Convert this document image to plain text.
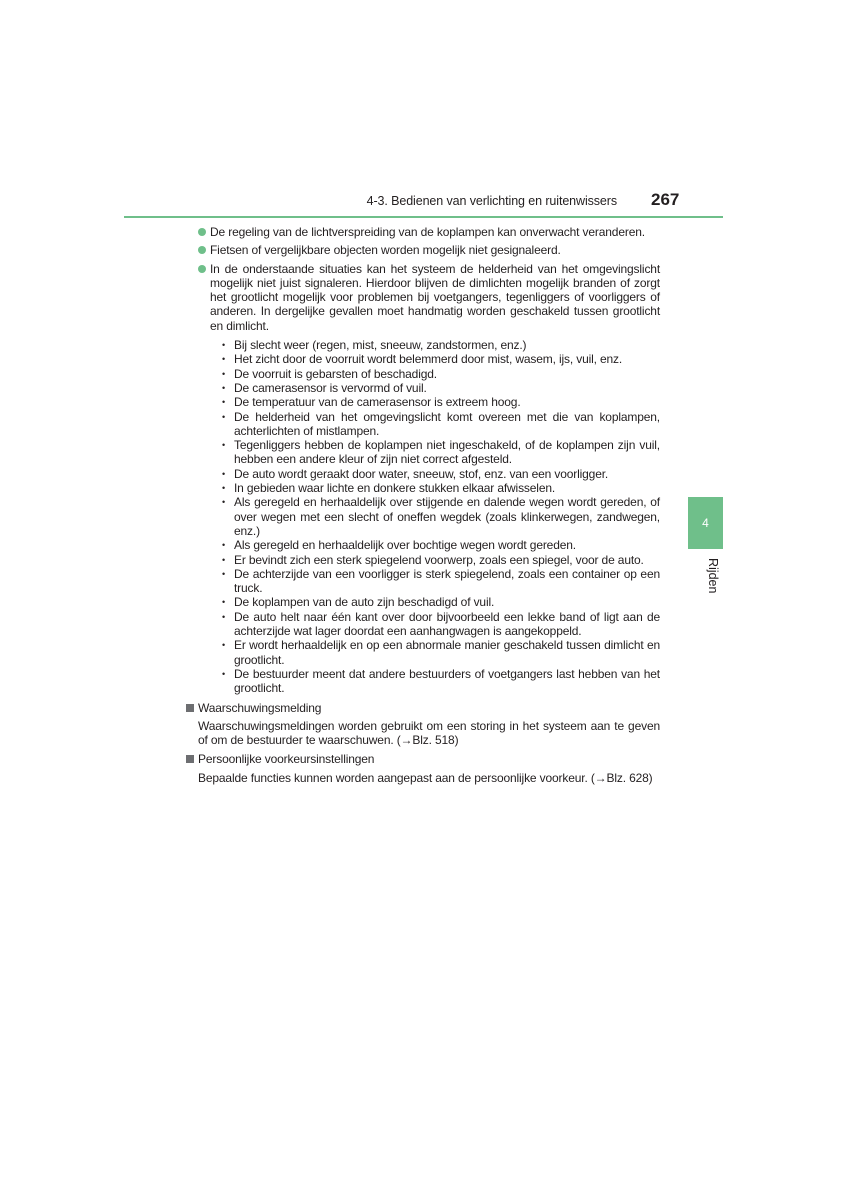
4-3. Bedienen van verlichting en ruitenwissers 267
4
Rijden
De regeling van de lichtverspreiding van de koplampen kan onverwacht veranderen.
Fietsen of vergelijkbare objecten worden mogelijk niet gesignaleerd.
In de onderstaande situaties kan het systeem de helderheid van het omgevingslicht mogelijk niet juist signaleren. Hierdoor blijven de dimlichten mogelijk branden of zorgt het grootlicht mogelijk voor problemen bij voetgangers, tegenliggers of voorliggers of anderen. In dergelijke gevallen moet handmatig worden geschakeld tussen grootlicht en dimlicht.

• Bij slecht weer (regen, mist, sneeuw, zandstormen, enz.)

• Het zicht door de voorruit wordt belemmerd door mist, wasem, ijs, vuil, enz.

• De voorruit is gebarsten of beschadigd.

• De camerasensor is vervormd of vuil.

• De temperatuur van de camerasensor is extreem hoog.

• De helderheid van het omgevingslicht komt overeen met die van koplampen, achterlichten of mistlampen.

• Tegenliggers hebben de koplampen niet ingeschakeld, of de koplampen zijn vuil, hebben een andere kleur of zijn niet correct afgesteld.

• De auto wordt geraakt door water, sneeuw, stof, enz. van een voorligger.

• In gebieden waar lichte en donkere stukken elkaar afwisselen.

• Als geregeld en herhaaldelijk over stijgende en dalende wegen wordt gereden, of over wegen met een slecht of oneffen wegdek (zoals klinkerwegen, zandwegen, enz.)

• Als geregeld en herhaaldelijk over bochtige wegen wordt gereden.

• Er bevindt zich een sterk spiegelend voorwerp, zoals een spiegel, voor de auto.

• De achterzijde van een voorligger is sterk spiegelend, zoals een container op een truck.

• De koplampen van de auto zijn beschadigd of vuil.

• De auto helt naar één kant over door bijvoorbeeld een lekke band of ligt aan de achterzijde wat lager doordat een aanhangwagen is aangekoppeld.

• Er wordt herhaaldelijk en op een abnormale manier geschakeld tussen dimlicht en grootlicht.

• De bestuurder meent dat andere bestuurders of voetgangers last hebben van het grootlicht.

Waarschuwingsmelding

Waarschuwingsmeldingen worden gebruikt om een storing in het systeem aan te geven of om de bestuurder te waarschuwen. (→Blz. 518)

Persoonlijke voorkeursinstellingen

Bepaalde functies kunnen worden aangepast aan de persoonlijke voorkeur. (→Blz. 628)
